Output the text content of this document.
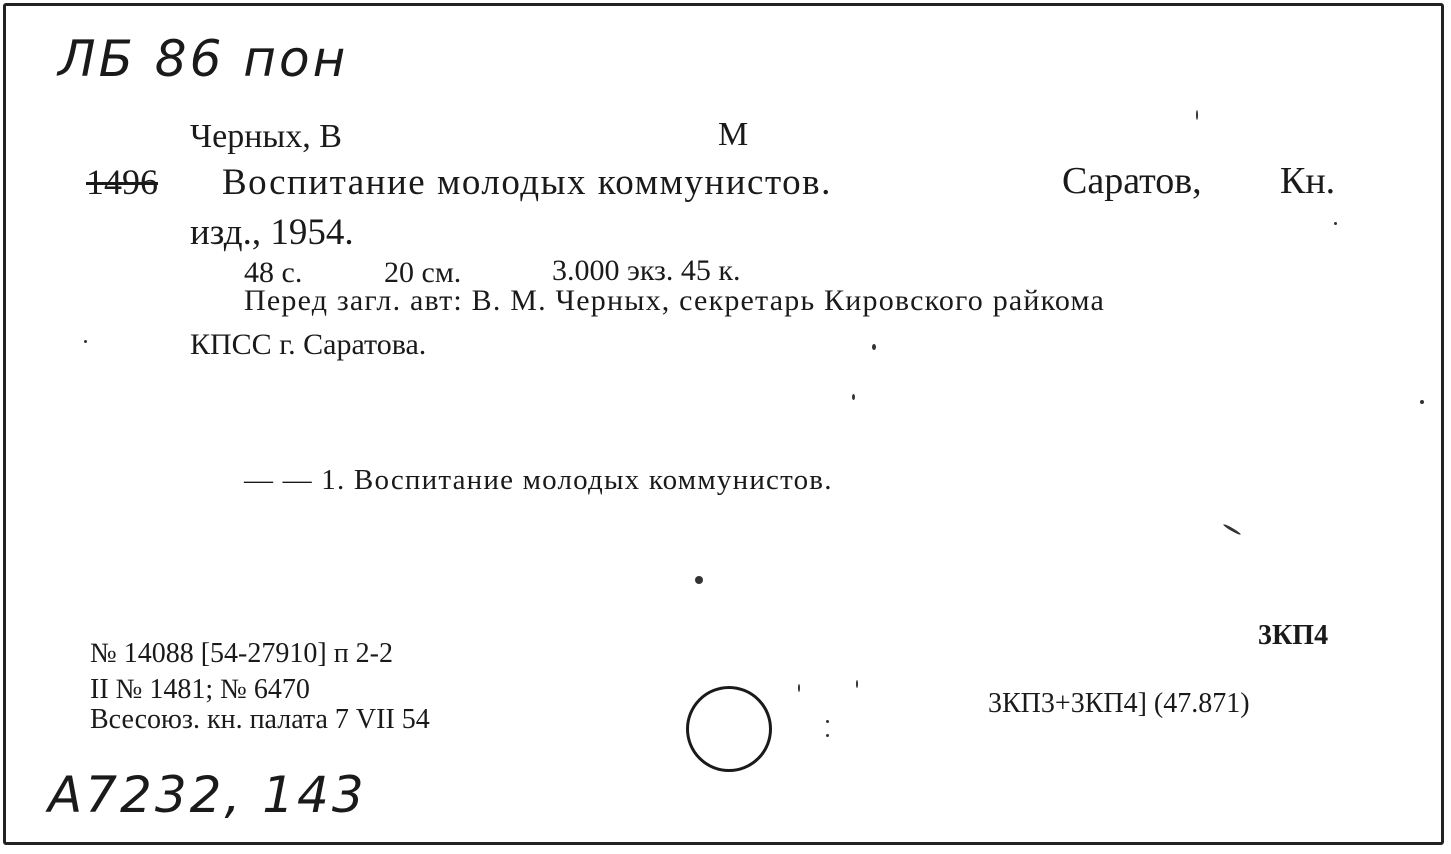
ЛБ 86 пон
Черных, В	М
1496 Воспитание молодых коммунистов.	Саратов, Кн.
изд., 1954.
48 с.	20 см.	3.000 экз. 45 к.
Перед загл. авт: В. М. Черных, секретарь Кировского райкома
КПСС г. Саратова.
— — 1. Воспитание молодых коммунистов.
3КП4
№ 14088 [54-27910] п 2-2
II № 1481; № 6470
Всесоюз. кн. палата 7 VII 54
3КП3+3КП4] (47.871)
А7232, 143
